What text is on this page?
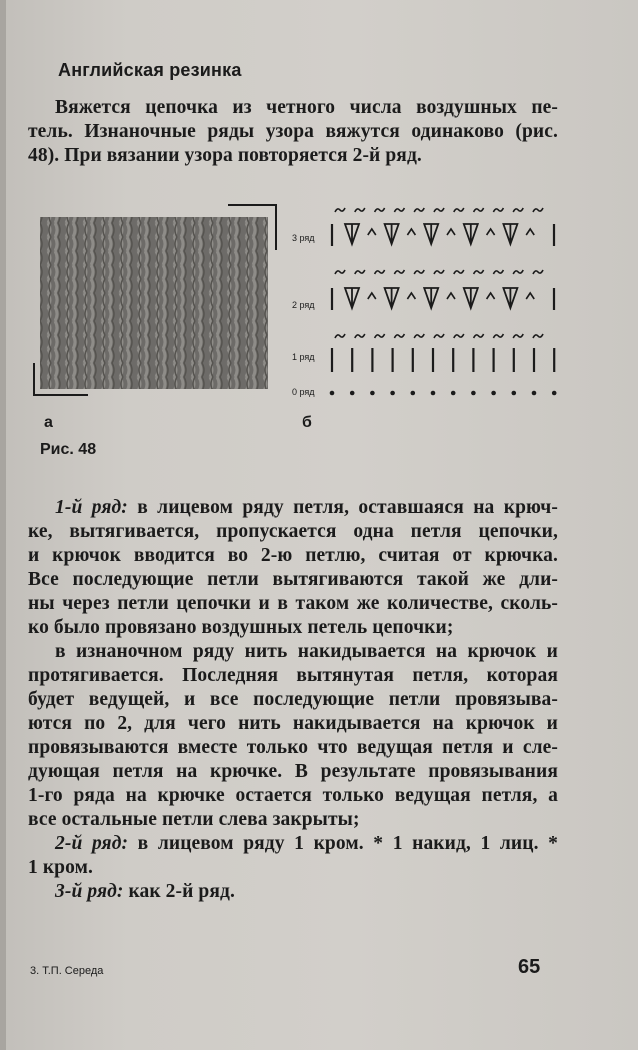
Английская резинка
Вяжется цепочка из четного числа воздушных пе-
тель. Изнаночные ряды узора вяжутся одинаково (рис.
48). При вязании узора повторяется 2-й ряд.
3 ряд
2 ряд
1 ряд
0 ряд
а	б
Рис. 48
1-й ряд: в лицевом ряду петля, оставшаяся на крюч-
ке, вытягивается, пропускается одна петля цепочки,
и крючок вводится во 2-ю петлю, считая от крючка.
Все последующие петли вытягиваются такой же дли-
ны через петли цепочки и в таком же количестве, сколь-
ко было провязано воздушных петель цепочки;
в изнаночном ряду нить накидывается на крючок и
протягивается. Последняя вытянутая петля, которая
будет ведущей, и все последующие петли провязыва-
ются по 2, для чего нить накидывается на крючок и
провязываются вместе только что ведущая петля и сле-
дующая петля на крючке. В результате провязывания
1-го ряда на крючке остается только ведущая петля, а
все остальные петли слева закрыты;
2-й ряд: в лицевом ряду 1 кром. * 1 накид, 1 лиц. *
1 кром.
3-й ряд: как 2-й ряд.
3. Т.П. Середа	65
